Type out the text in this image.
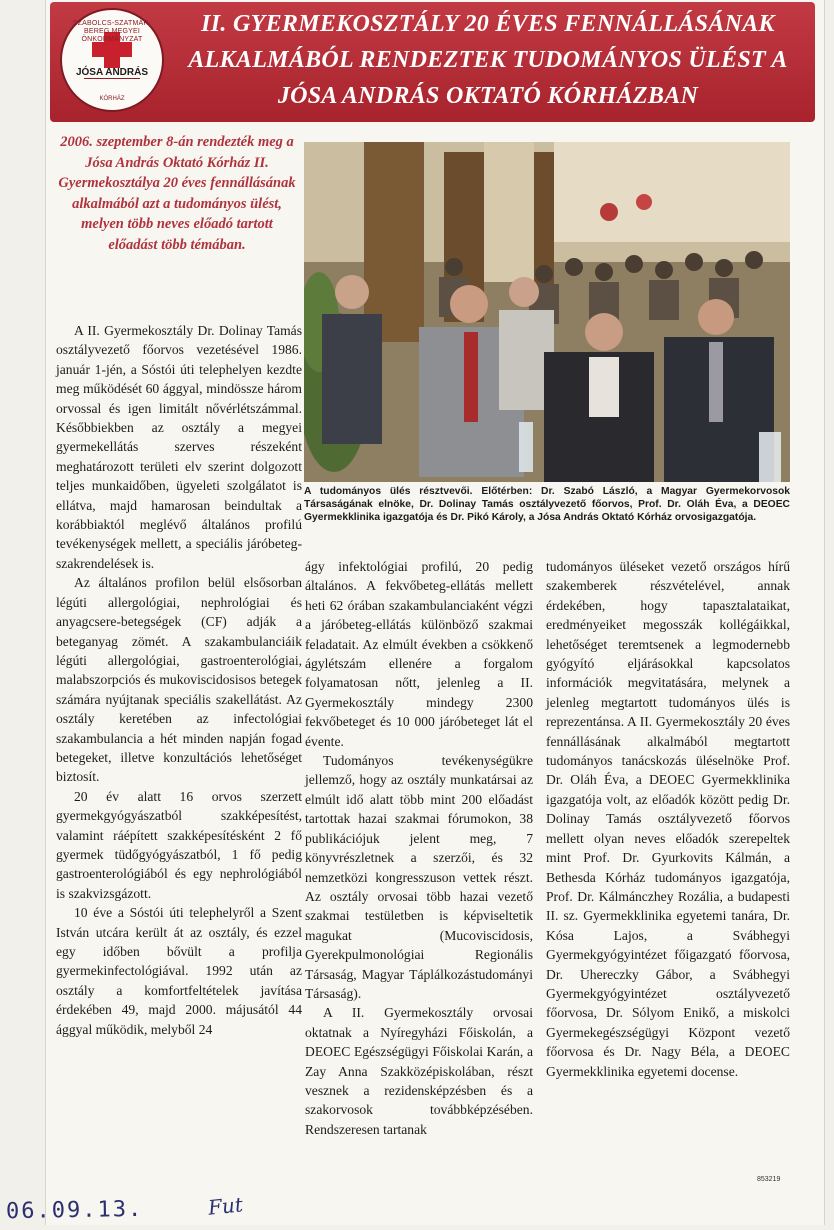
SZABOLCS-SZATMÁR-BEREG MEGYEI ÖNKORMÁNYZAT
JÓSA ANDRÁS
KÓRHÁZ
II. GYERMEKOSZTÁLY 20 ÉVES FENNÁLLÁSÁNAK
ALKALMÁBÓL RENDEZTEK TUDOMÁNYOS ÜLÉST A
JÓSA ANDRÁS OKTATÓ KÓRHÁZBAN
2006. szeptember 8-án rendezték meg a Jósa András Oktató Kórház II. Gyermekosztálya 20 éves fennállásának alkalmából azt a tudományos ülést, melyen több neves előadó tartott előadást több témában.
A tudományos ülés résztvevői. Előtérben: Dr. Szabó László, a Magyar Gyermekorvosok Társaságának elnöke, Dr. Dolinay Tamás osztályvezető főorvos, Prof. Dr. Oláh Éva, a DEOEC Gyermekklinika igazgatója és Dr. Pikó Károly, a Jósa András Oktató Kórház orvosigazgatója.

A II. Gyermekosztály Dr. Dolinay Tamás osztályvezető főorvos vezetésével 1986. január 1-jén, a Sóstói úti telephelyen kezdte meg működését 60 ággyal, mindössze három orvossal és igen limitált nővérlétszámmal. Későbbiekben az osztály a megyei gyermekellátás szerves részeként meghatározott területi elv szerint dolgozott teljes munkaidőben, ügyeleti szolgálatot is ellátva, majd hamarosan beindultak a korábbiaktól meglévő általános profilú tevékenységek mellett, a speciális járóbeteg-szakrendelések is.

Az általános profilon belül elsősorban légúti allergológiai, nephrológiai és anyagcsere-betegségek (CF) adják a beteganyag zömét. A szakambulanciáik légúti allergológiai, gastroenterológiai, malabszorpciós és mukoviscidosisos betegek számára nyújtanak speciális szakellátást. Az osztály keretében az infectológiai szakambulancia a hét minden napján fogad betegeket, illetve konzultációs lehetőséget biztosít.

20 év alatt 16 orvos szerzett gyermekgyógyászatból szakképesítést, valamint ráépített szakképesítésként 2 fő gyermek tüdőgyógyászatból, 1 fő pedig gastroenterológiából és egy nephrológiából is szakvizsgázott.

10 éve a Sóstói úti telephelyről a Szent István utcára került át az osztály, és ezzel egy időben bővült a profilja gyermekinfectológiával. 1992 után az osztály a komfortfeltételek javítása érdekében 49, majd 2000. májusától 44 ággyal működik, melyből 24

ágy infektológiai profilú, 20 pedig általános. A fekvőbeteg-ellátás mellett heti 62 órában szakambulanciaként végzi a járóbeteg-ellátás különböző szakmai feladatait. Az elmúlt években a csökkenő ágylétszám ellenére a forgalom folyamatosan nőtt, jelenleg a II. Gyermekosztály mindegy 2300 fekvőbeteget és 10 000 járóbeteget lát el évente.

Tudományos tevékenységükre jellemző, hogy az osztály munkatársai az elmúlt idő alatt több mint 200 előadást tartottak hazai szakmai fórumokon, 38 publikációjuk jelent meg, 7 könyvrészletnek a szerzői, és 32 nemzetközi kongresszuson vettek részt. Az osztály orvosai több hazai vezető szakmai testületben is képviseltetik magukat (Mucoviscidosis, Gyerekpulmonológiai Regionális Társaság, Magyar Táplálkozástudományi Társaság).

A II. Gyermekosztály orvosai oktatnak a Nyíregyházi Főiskolán, a DEOEC Egészségügyi Főiskolai Karán, a Zay Anna Szakközépiskolában, részt vesznek a rezidensképzésben és a szakorvosok továbbképzésében. Rendszeresen tartanak

tudományos üléseket vezető országos hírű szakemberek részvételével, annak érdekében, hogy tapasztalataikat, eredményeiket megosszák kollégáikkal, lehetőséget teremtsenek a legmodernebb gyógyító eljárásokkal kapcsolatos információk megvitatására, melynek a jelenleg megtartott tudományos ülés is reprezentánsa. A II. Gyermekosztály 20 éves fennállásának alkalmából megtartott tudományos tanácskozás üléselnöke Prof. Dr. Oláh Éva, a DEOEC Gyermekklinika igazgatója volt, az előadók között pedig Dr. Dolinay Tamás osztályvezető főorvos mellett olyan neves előadók szerepeltek mint Prof. Dr. Gyurkovits Kálmán, a Bethesda Kórház tudományos igazgatója, Prof. Dr. Kálmánczhey Rozália, a budapesti II. sz. Gyermekklinika egyetemi tanára, Dr. Kósa Lajos, a Svábhegyi Gyermekgyógyintézet főigazgató főorvosa, Dr. Uhereczky Gábor, a Svábhegyi Gyermekgyógyintézet osztályvezető főorvosa, Dr. Sólyom Enikő, a miskolci Gyermekegészségügyi Központ vezető főorvosa és Dr. Nagy Béla, a DEOEC Gyermekklinika egyetemi docense.

853219
06.09.13.	Fut
